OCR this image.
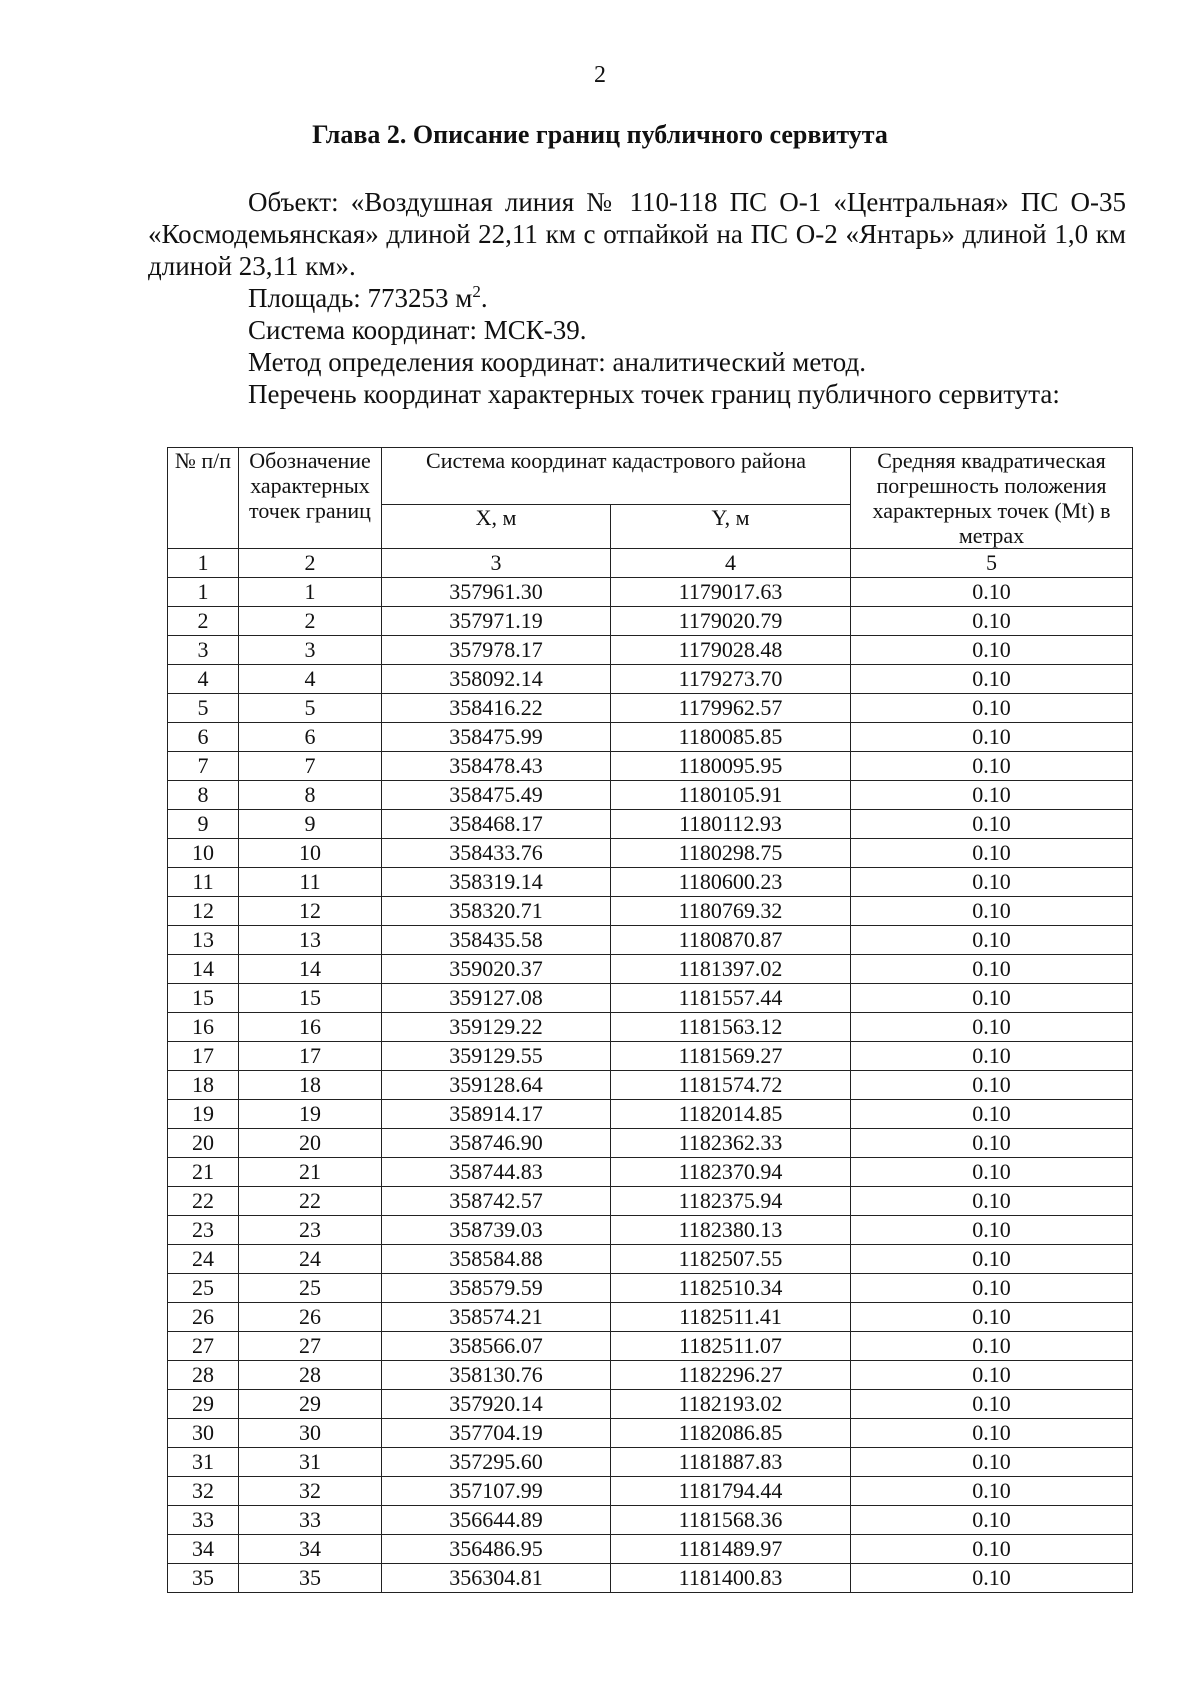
2
Глава 2. Описание границ публичного сервитута

Объект: «Воздушная линия № 110-118 ПС О-1 «Центральная» ПС О-35 «Космодемьянская» длиной 22,11 км с отпайкой на ПС О-2 «Янтарь» длиной 1,0 км длиной 23,11 км».

Площадь: 773253 $м^2$.

Система координат: МСК-39.

Метод определения координат: аналитический метод.

Перечень координат характерных точек границ публичного сервитута:

№ п/п	Обозначение характерных точек границ	Система координат кадастрового района		Средняя квадратическая погрешность положения характерных точек (Mt) в метрах
		X, м	Y, м	
1	2	3	4	5
1	1	357961.30	1179017.63	0.10
2	2	357971.19	1179020.79	0.10
3	3	357978.17	1179028.48	0.10
4	4	358092.14	1179273.70	0.10
5	5	358416.22	1179962.57	0.10
6	6	358475.99	1180085.85	0.10
7	7	358478.43	1180095.95	0.10
8	8	358475.49	1180105.91	0.10
9	9	358468.17	1180112.93	0.10
10	10	358433.76	1180298.75	0.10
11	11	358319.14	1180600.23	0.10
12	12	358320.71	1180769.32	0.10
13	13	358435.58	1180870.87	0.10
14	14	359020.37	1181397.02	0.10
15	15	359127.08	1181557.44	0.10
16	16	359129.22	1181563.12	0.10
17	17	359129.55	1181569.27	0.10
18	18	359128.64	1181574.72	0.10
19	19	358914.17	1182014.85	0.10
20	20	358746.90	1182362.33	0.10
21	21	358744.83	1182370.94	0.10
22	22	358742.57	1182375.94	0.10
23	23	358739.03	1182380.13	0.10
24	24	358584.88	1182507.55	0.10
25	25	358579.59	1182510.34	0.10
26	26	358574.21	1182511.41	0.10
27	27	358566.07	1182511.07	0.10
28	28	358130.76	1182296.27	0.10
29	29	357920.14	1182193.02	0.10
30	30	357704.19	1182086.85	0.10
31	31	357295.60	1181887.83	0.10
32	32	357107.99	1181794.44	0.10
33	33	356644.89	1181568.36	0.10
34	34	356486.95	1181489.97	0.10
35	35	356304.81	1181400.83	0.10
